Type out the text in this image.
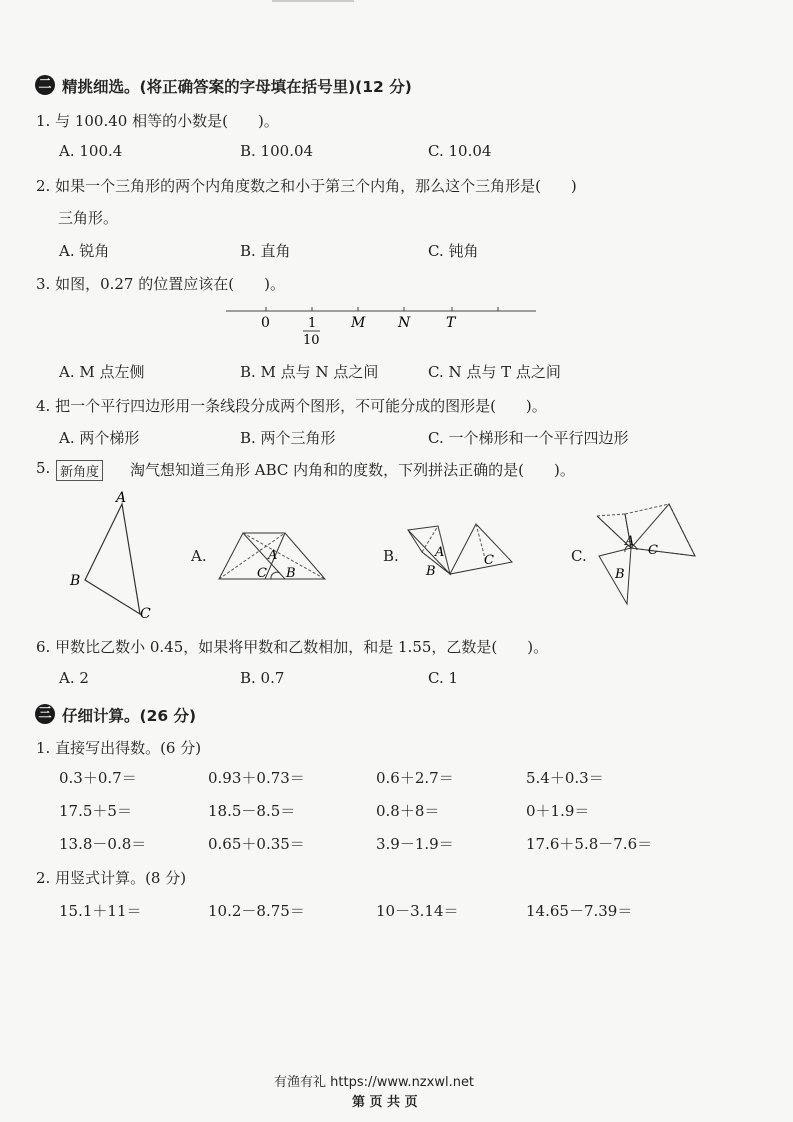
二 精挑细选。(将正确答案的字母填在括号里)(12 分)
1. 与 100.40 相等的小数是(　　)。
A. 100.4	B. 100.04	C. 10.04
2. 如果一个三角形的两个内角度数之和小于第三个内角，那么这个三角形是(　　)
三角形。
A. 锐角	B. 直角	C. 钝角
3. 如图，0.27 的位置应该在(　　)。
0	1
10
M N	T
A. M 点左侧	B. M 点与 N 点之间	C. N 点与 T 点之间
4. 把一个平行四边形用一条线段分成两个图形，不可能分成的图形是(　　)。
A. 两个梯形	B. 两个三角形	C. 一个梯形和一个平行四边形
5. 新角度 淘气想知道三角形 ABC 内角和的度数，下列拼法正确的是(　　)。
A
B
C
A.	A
C B
B.	A
B
C	C.
A
C
B
6. 甲数比乙数小 0.45，如果将甲数和乙数相加，和是 1.55，乙数是(　　)。
A. 2	B. 0.7	C. 1
三 仔细计算。(26 分)
1. 直接写出得数。(6 分)
0.3＋0.7＝	0.93＋0.73＝	0.6＋2.7＝	5.4＋0.3＝
17.5＋5＝	18.5－8.5＝	0.8＋8＝	0＋1.9＝
13.8－0.8＝	0.65＋0.35＝	3.9－1.9＝	17.6＋5.8－7.6＝
2. 用竖式计算。(8 分)
15.1＋11＝	10.2－8.75＝	10－3.14＝	14.65－7.39＝
有渔有礼 https://www.nzxwl.net
第 页 共 页
